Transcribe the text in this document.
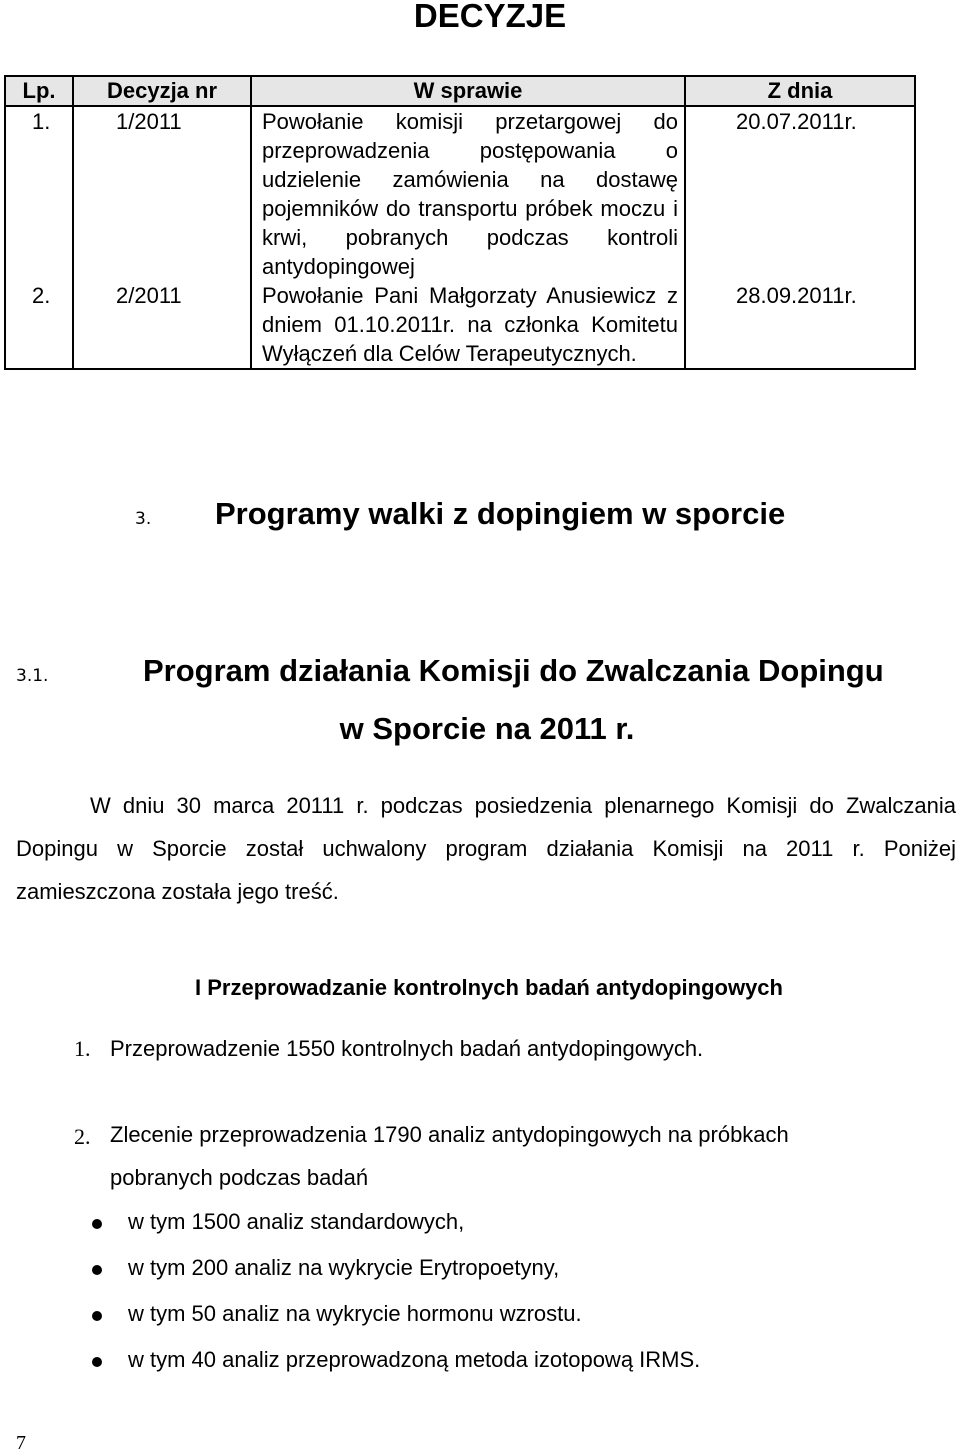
DECYZJE
Lp.	Decyzja nr	W sprawie	Z dnia
1.	1/2011	Powołanie komisji przetargowej do przeprowadzenia postępowania o udzielenie zamówienia na dostawę pojemników do transportu próbek moczu i krwi, pobranych podczas kontroli antydopingowej	20.07.2011r.
2.	2/2011	Powołanie Pani Małgorzaty Anusiewicz z dniem 01.10.2011r. na członka Komitetu Wyłączeń dla Celów Terapeutycznych.	28.09.2011r.
3. Programy walki z dopingiem w sporcie
3.1.	Program działania Komisji do Zwalczania Dopingu
w Sporcie na 2011 r.
W dniu 30 marca 20111 r. podczas posiedzenia plenarnego Komisji do Zwalczania Dopingu w Sporcie został uchwalony program działania Komisji na 2011 r. Poniżej zamieszczona została jego treść.
I Przeprowadzanie kontrolnych badań antydopingowych
1. Przeprowadzenie 1550 kontrolnych badań antydopingowych.
2. Zlecenie przeprowadzenia 1790 analiz antydopingowych na próbkach
pobranych podczas badań
w tym 1500 analiz standardowych,
w tym 200 analiz na wykrycie Erytropoetyny,
w tym 50 analiz na wykrycie hormonu wzrostu.
w tym 40 analiz przeprowadzoną metoda izotopową IRMS.
7
